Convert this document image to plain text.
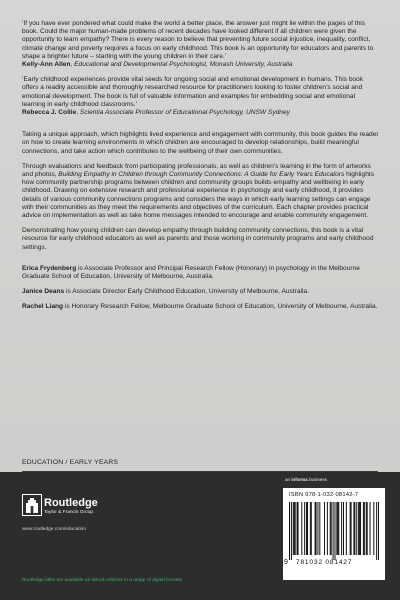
‘If you have ever pondered what could make the world a better place, the answer just might lie within the pages of this book. Could the major human-made problems of recent decades have looked different if all children were given the opportunity to learn empathy? There is every reason to believe that preventing future social injustice, inequality, conflict, climate change and poverty requires a focus on early childhood. This book is an opportunity for educators and parents to shape a brighter future – starting with the young children in their care.’
Kelly-Ann Allen, Educational and Developmental Psychologist, Monash University, Australia
‘Early childhood experiences provide vital seeds for ongoing social and emotional development in humans. This book offers a readily accessible and thoroughly researched resource for practitioners looking to foster children’s social and emotional development. The book is full of valuable information and examples for embedding social and emotional learning in early childhood classrooms.’
Rebecca J. Collie, Scientia Associate Professor of Educational Psychology, UNSW Sydney

Taking a unique approach, which highlights lived experience and engagement with community, this book guides the reader on how to create learning environments in which children are encouraged to develop relationships, build meaningful connections, and take action which contributes to the wellbeing of their own communities.

Through evaluations and feedback from participating professionals, as well as children’s learning in the form of artworks and photos, Building Empathy in Children through Community Connections: A Guide for Early Years Educators highlights how community partnership programs between children and community groups builds empathy and wellbeing in early childhood. Drawing on extensive research and professional experience in psychology and early childhood, it provides details of various community connections programs and considers the ways in which early learning settings can engage with their communities as they meet the requirements and objectives of the curriculum. Each chapter provides practical advice on implementation as well as take home messages intended to encourage and enable community engagement.

Demonstrating how young children can develop empathy through building community connections, this book is a vital resource for early childhood educators as well as parents and those working in community programs and early childhood settings.

Erica Frydenberg is Associate Professor and Principal Research Fellow (Honorary) in psychology in the Melbourne Graduate School of Education, University of Melbourne, Australia.

Janice Deans is Associate Director Early Childhood Education, University of Melbourne, Australia.

Rachel Liang is Honorary Research Fellow, Melbourne Graduate School of Education, University of Melbourne, Australia.

EDUCATION / EARLY YEARS
Routledge
Taylor & Francis Group
www.routledge.com/education
Routledge titles are available as eBook editions in a range of digital formats
an informa business
ISBN 978-1-032-08142-7
9 781032 081427
